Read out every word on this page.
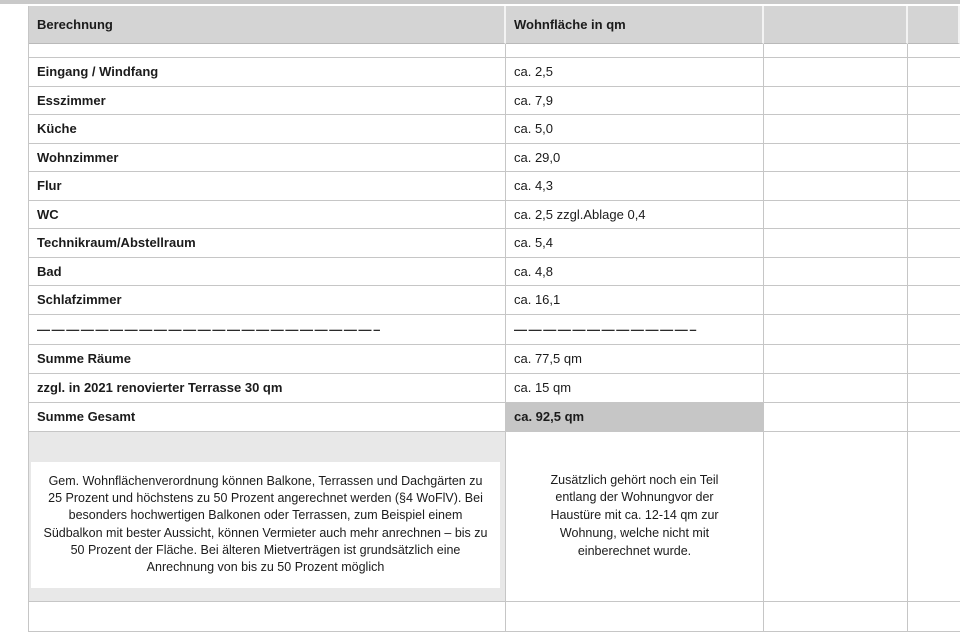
Berechnung	Wohnfläche in qm
Eingang / Windfang	ca. 2,5
Esszimmer	ca. 7,9
Küche	ca. 5,0
Wohnzimmer	ca. 29,0
Flur	ca. 4,3
WC	ca. 2,5 zzgl.Ablage 0,4
Technikraum/Abstellraum	ca. 5,4
Bad	ca. 4,8
Schlafzimmer	ca. 16,1
— — — — — — — — — — — — — — — — — — — — — — — –	— — — — — — — — — — — — –
Summe Räume	ca. 77,5 qm
zzgl. in 2021 renovierter Terrasse 30 qm	ca. 15 qm
Summe Gesamt	ca. 92,5 qm
Gem. Wohnflächenverordnung können Balkone, Terrassen und Dachgärten zu 25 Prozent und höchstens zu 50 Prozent angerechnet werden (§4 WoFlV). Bei besonders hochwertigen Balkonen oder Terrassen, zum Beispiel einem Südbalkon mit bester Aussicht, können Vermieter auch mehr anrechnen – bis zu 50 Prozent der Fläche. Bei älteren Mietverträgen ist grundsätzlich eine Anrechnung von bis zu 50 Prozent möglich
Zusätzlich gehört noch ein Teil entlang der Wohnungvor der Haustüre mit ca. 12-14 qm zur Wohnung, welche nicht mit einberechnet wurde.
